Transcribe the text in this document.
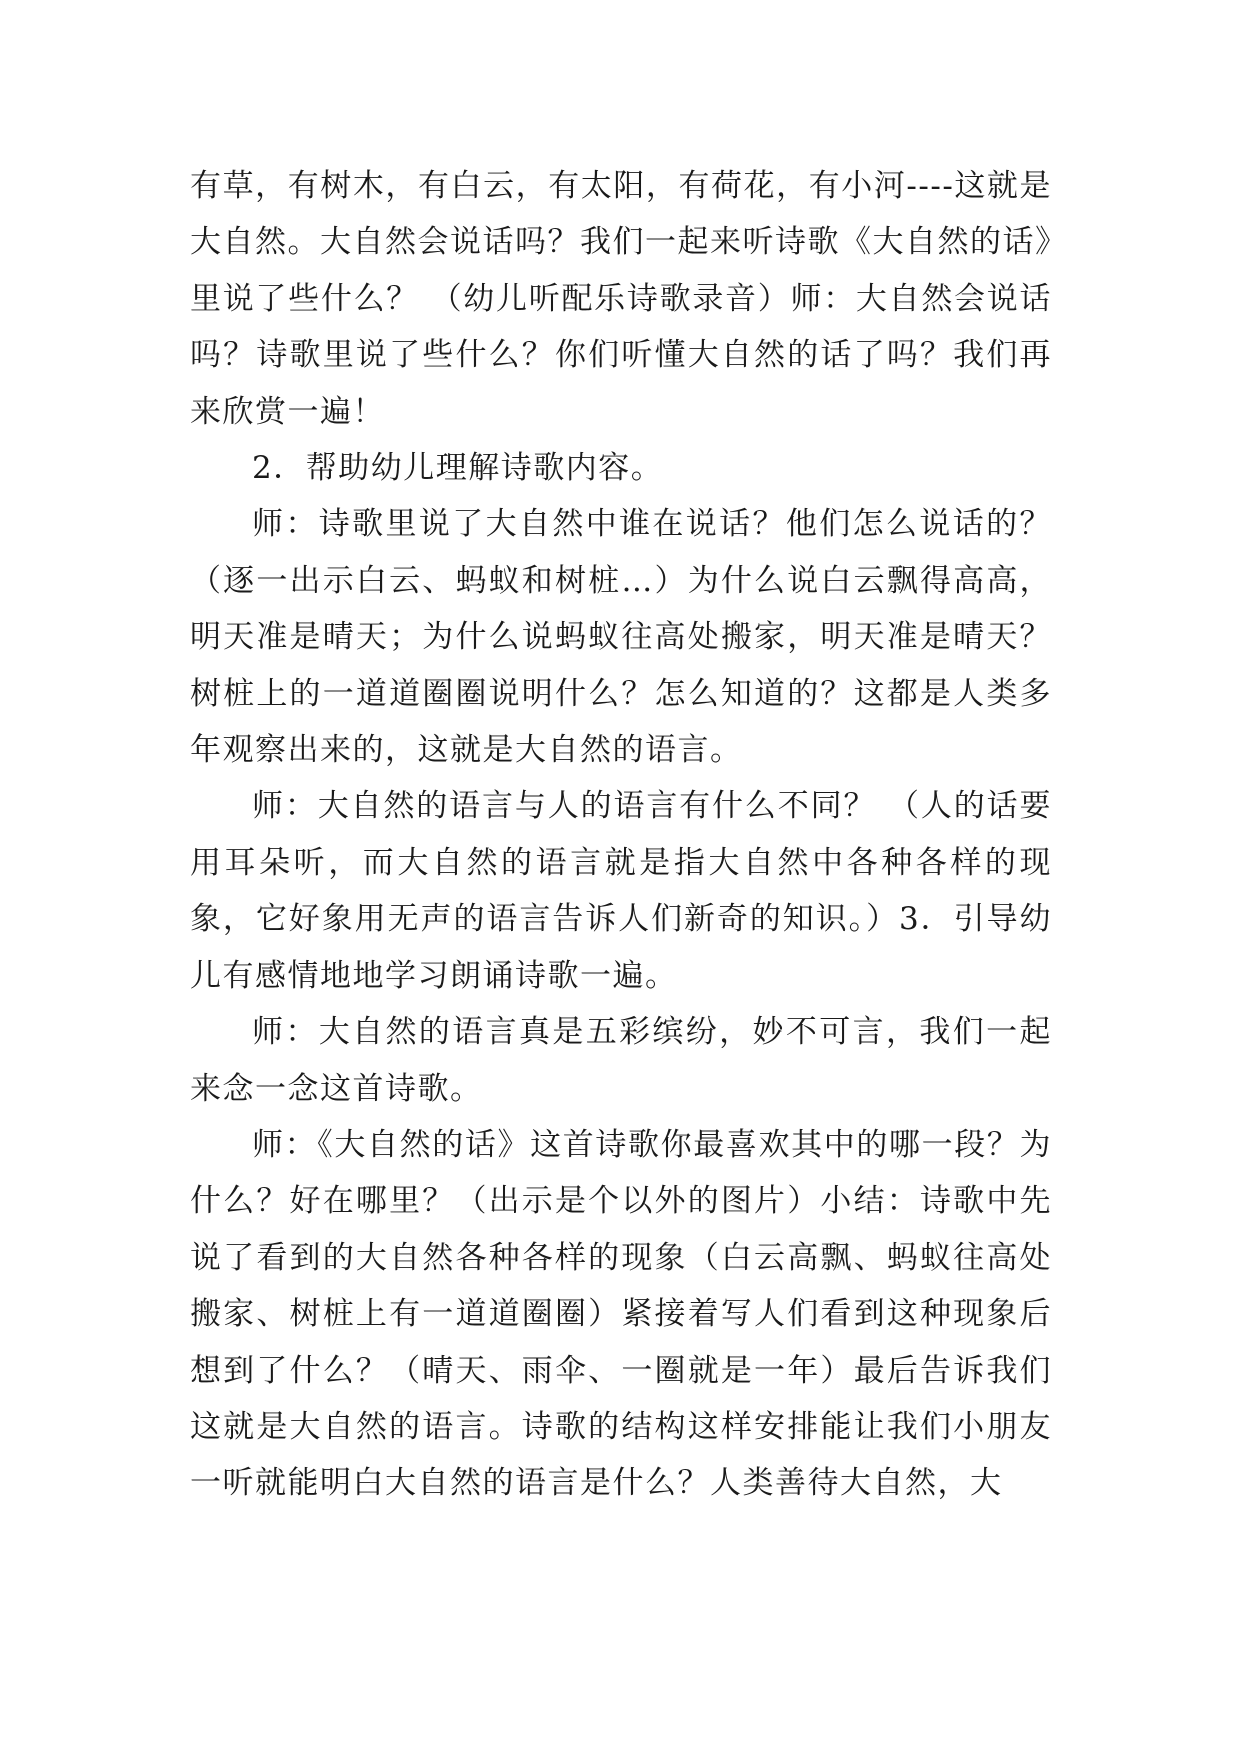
有草，有树木，有白云，有太阳，有荷花，有小河----这就是大自然。大自然会说话吗？我们一起来听诗歌《大自然的话》里说了些什么？ （幼儿听配乐诗歌录音）师：大自然会说话吗？诗歌里说了些什么？你们听懂大自然的话了吗？我们再来欣赏一遍！

2．帮助幼儿理解诗歌内容。

师：诗歌里说了大自然中谁在说话？他们怎么说话的？（逐一出示白云、蚂蚁和树桩…）为什么说白云飘得高高，明天准是晴天；为什么说蚂蚁往高处搬家，明天准是晴天？树桩上的一道道圈圈说明什么？怎么知道的？这都是人类多年观察出来的，这就是大自然的语言。

师：大自然的语言与人的语言有什么不同？ （人的话要用耳朵听，而大自然的语言就是指大自然中各种各样的现象，它好象用无声的语言告诉人们新奇的知识。）3．引导幼儿有感情地地学习朗诵诗歌一遍。

师：大自然的语言真是五彩缤纷，妙不可言，我们一起来念一念这首诗歌。

师：《大自然的话》这首诗歌你最喜欢其中的哪一段？为什么？好在哪里？（出示是个以外的图片）小结：诗歌中先说了看到的大自然各种各样的现象（白云高飘、蚂蚁往高处搬家、树桩上有一道道圈圈）紧接着写人们看到这种现象后想到了什么？（晴天、雨伞、一圈就是一年）最后告诉我们这就是大自然的语言。诗歌的结构这样安排能让我们小朋友一听就能明白大自然的语言是什么？人类善待大自然，大
